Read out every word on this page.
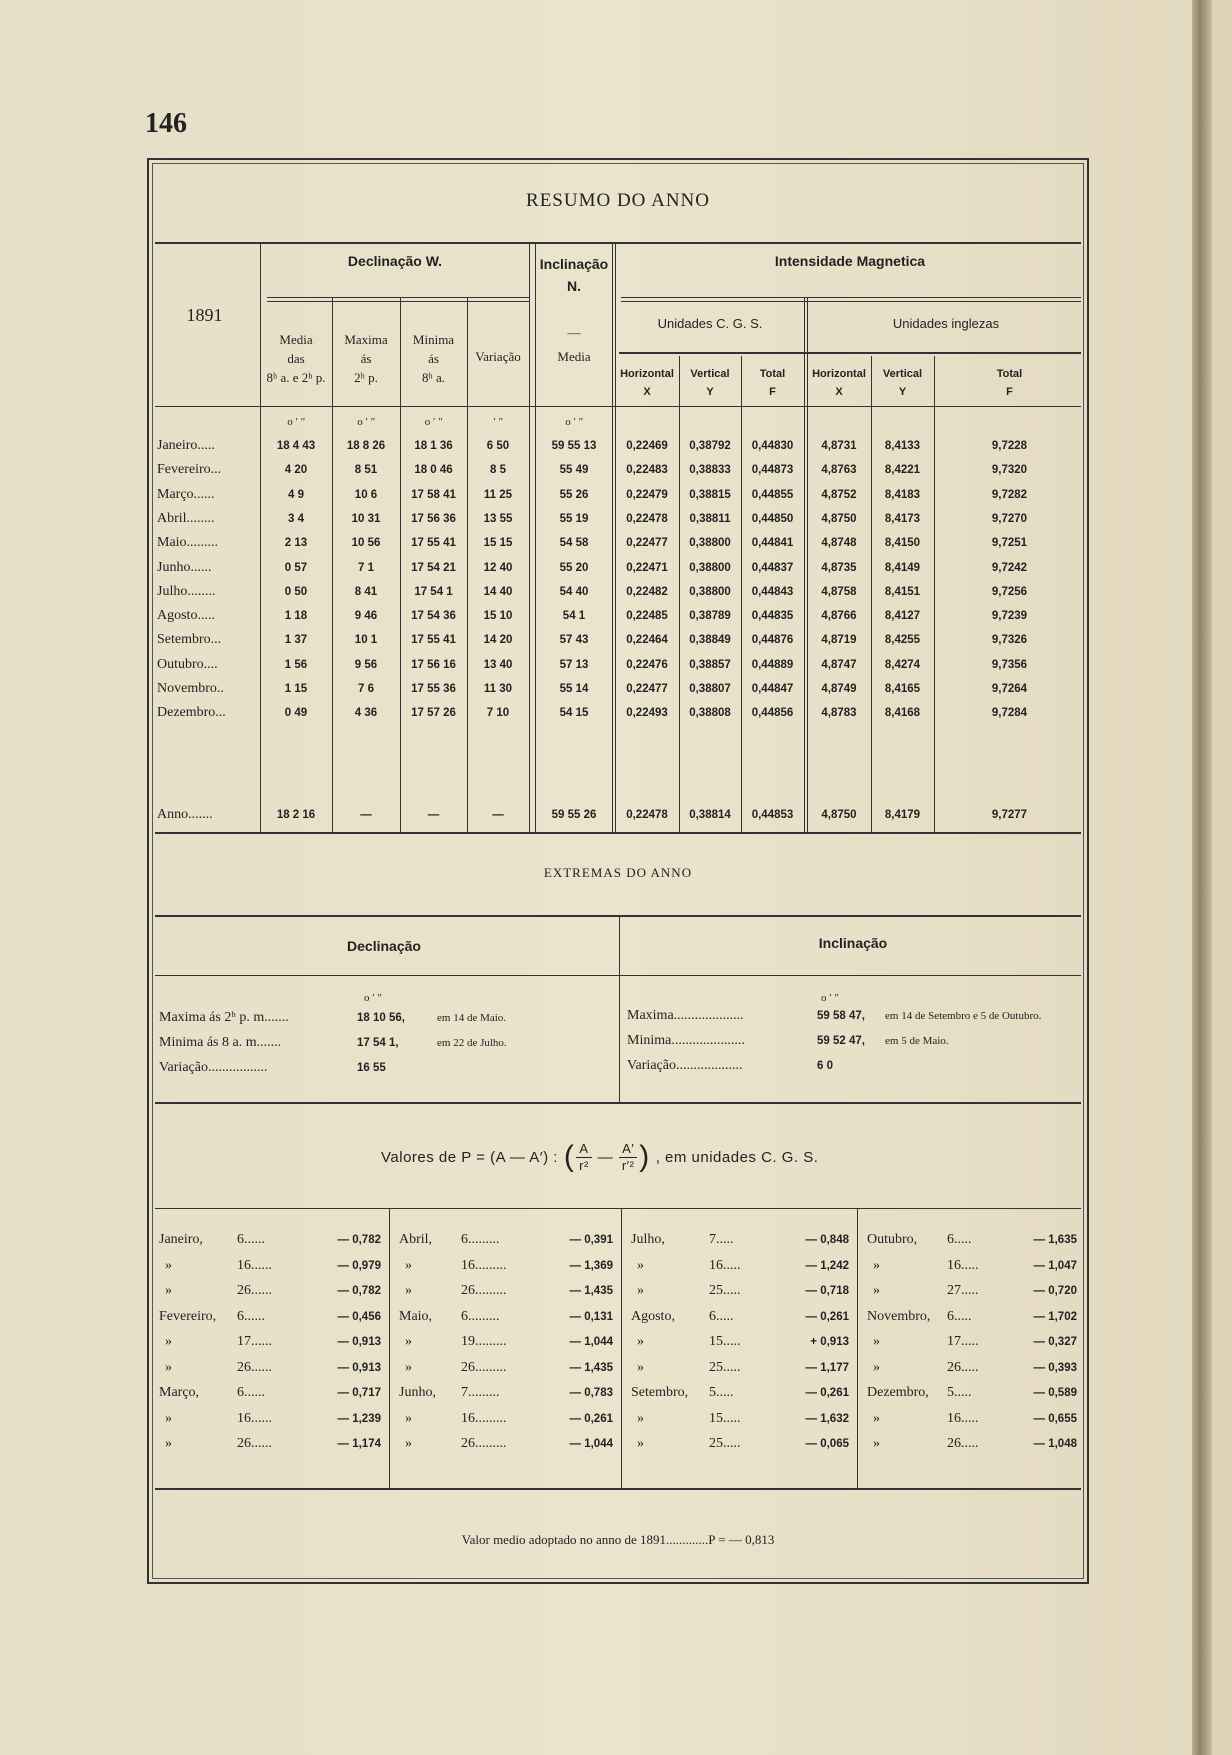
146
RESUMO DO ANNO
Declinação W.	Inclinação N.
Intensidade Magnetica
1891
Media
das
8ʰ a. e 2ʰ p.
Maxima
ás
2ʰ p.
Minima
ás
8ʰ a.
Variação
—
Media
Unidades C. G. S.	Unidades inglezas
Horizontal
X
Vertical
Y
Total
F
Horizontal
X
Vertical
Y
Total
F
o ʹ ʺ	o ʹ ʺ	o ʹ ʺ	ʹ ʺ	o ʹ ʺ
Janeiro.....	18 4 43	18 8 26	18 1 36	6 50	59 55 13	0,22469	0,38792	0,44830	4,8731	8,4133	9,7228
Fevereiro...	4 20	8 51	18 0 46	8 5	55 49	0,22483	0,38833	0,44873	4,8763	8,4221	9,7320
Março......	4 9	10 6	17 58 41	11 25	55 26	0,22479	0,38815	0,44855	4,8752	8,4183	9,7282
Abril........	3 4	10 31	17 56 36	13 55	55 19	0,22478	0,38811	0,44850	4,8750	8,4173	9,7270
Maio.........	2 13	10 56	17 55 41	15 15	54 58	0,22477	0,38800	0,44841	4,8748	8,4150	9,7251
Junho......	0 57	7 1	17 54 21	12 40	55 20	0,22471	0,38800	0,44837	4,8735	8,4149	9,7242
Julho........	0 50	8 41	17 54 1	14 40	54 40	0,22482	0,38800	0,44843	4,8758	8,4151	9,7256
Agosto.....	1 18	9 46	17 54 36	15 10	54 1	0,22485	0,38789	0,44835	4,8766	8,4127	9,7239
Setembro...	1 37	10 1	17 55 41	14 20	57 43	0,22464	0,38849	0,44876	4,8719	8,4255	9,7326
Outubro....	1 56	9 56	17 56 16	13 40	57 13	0,22476	0,38857	0,44889	4,8747	8,4274	9,7356
Novembro..	1 15	7 6	17 55 36	11 30	55 14	0,22477	0,38807	0,44847	4,8749	8,4165	9,7264
Dezembro...	0 49	4 36	17 57 26	7 10	54 15	0,22493	0,38808	0,44856	4,8783	8,4168	9,7284
Anno.......	18 2 16	—	—	—	59 55 26	0,22478	0,38814	0,44853	4,8750	8,4179	9,7277
EXTREMAS DO ANNO
Declinação	Inclinação
o ʹ ʺ	o ʹ ʺ
Maxima ás 2ʰ p. m.......	18 10 56,	em 14 de Maio.
Minima ás 8 a. m.......	17 54 1,	em 22 de Julho.
Variação.................	16 55
Maxima....................	59 58 47, em 14 de Setembro e 5 de Outubro.
Minima.....................	59 52 47, em 5 de Maio.
Variação...................	6 0
Valores de P = (A — A′) : ( A
r² —
A′
r′² ) , em unidades C. G. S.
Janeiro,	6......	— 0,782
»	16......	— 0,979
»	26......	— 0,782
Fevereiro,	6......	— 0,456
»	17......	— 0,913
»	26......	— 0,913
Março,	6......	— 0,717
»	16......	— 1,239
»	26......	— 1,174
Abril,	6.........	— 0,391
»	16.........	— 1,369
»	26.........	— 1,435
Maio,	6.........	— 0,131
»	19.........	— 1,044
»	26.........	— 1,435
Junho,	7.........	— 0,783
»	16.........	— 0,261
»	26.........	— 1,044
Julho,	7.....	— 0,848
»	16.....	— 1,242
»	25.....	— 0,718
Agosto,	6.....	— 0,261
»	15.....	+ 0,913
»	25.....	— 1,177
Setembro,	5.....	— 0,261
»	15.....	— 1,632
»	25.....	— 0,065
Outubro,	6.....	— 1,635
»	16.....	— 1,047
»	27.....	— 0,720
Novembro,	6.....	— 1,702
»	17.....	— 0,327
»	26.....	— 0,393
Dezembro,	5.....	— 0,589
»	16.....	— 0,655
»	26.....	— 1,048
Valor medio adoptado no anno de 1891.............P = — 0,813
